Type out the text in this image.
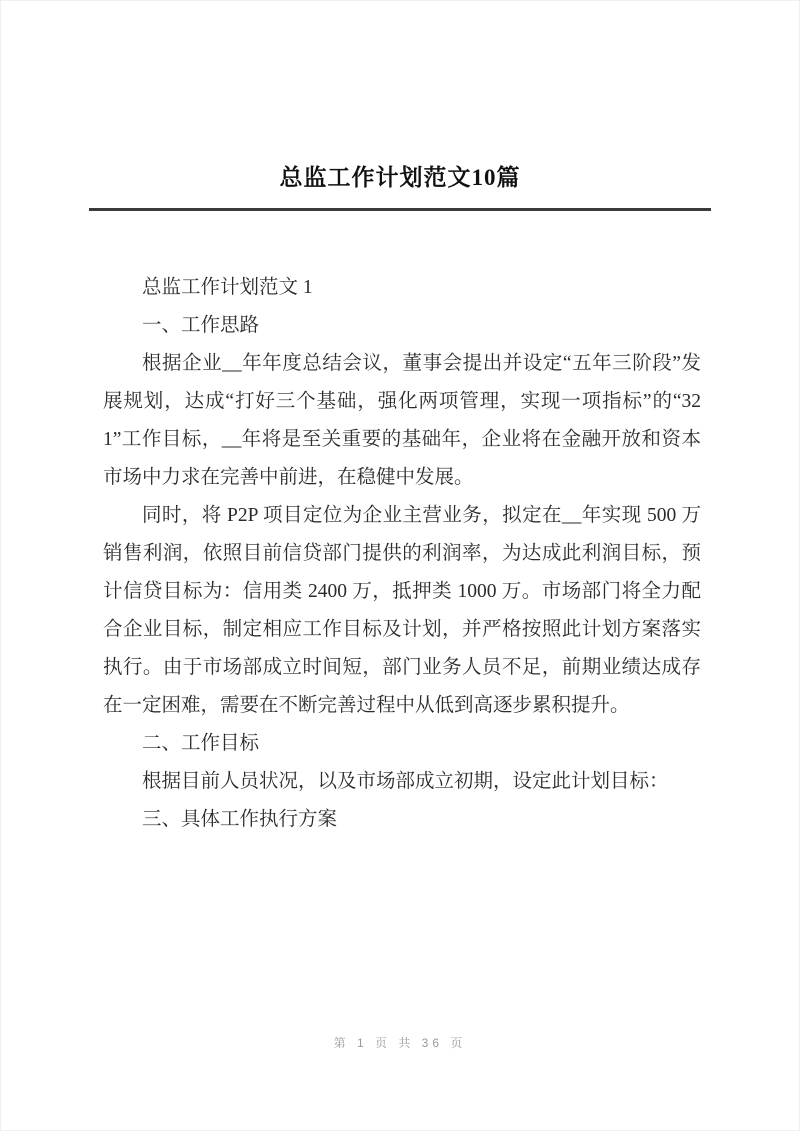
总监工作计划范文10篇

总监工作计划范文 1

一、工作思路

根据企业__年年度总结会议，董事会提出并设定“五年三阶段”发展规划，达成“打好三个基础，强化两项管理，实现一项指标”的“321”工作目标，__年将是至关重要的基础年，企业将在金融开放和资本市场中力求在完善中前进，在稳健中发展。

同时，将 P2P 项目定位为企业主营业务，拟定在__年实现 500 万销售利润，依照目前信贷部门提供的利润率，为达成此利润目标，预计信贷目标为：信用类 2400 万，抵押类 1000 万。市场部门将全力配合企业目标，制定相应工作目标及计划，并严格按照此计划方案落实执行。由于市场部成立时间短，部门业务人员不足，前期业绩达成存在一定困难，需要在不断完善过程中从低到高逐步累积提升。

二、工作目标

根据目前人员状况，以及市场部成立初期，设定此计划目标：

三、具体工作执行方案

第 1 页 共 36 页
